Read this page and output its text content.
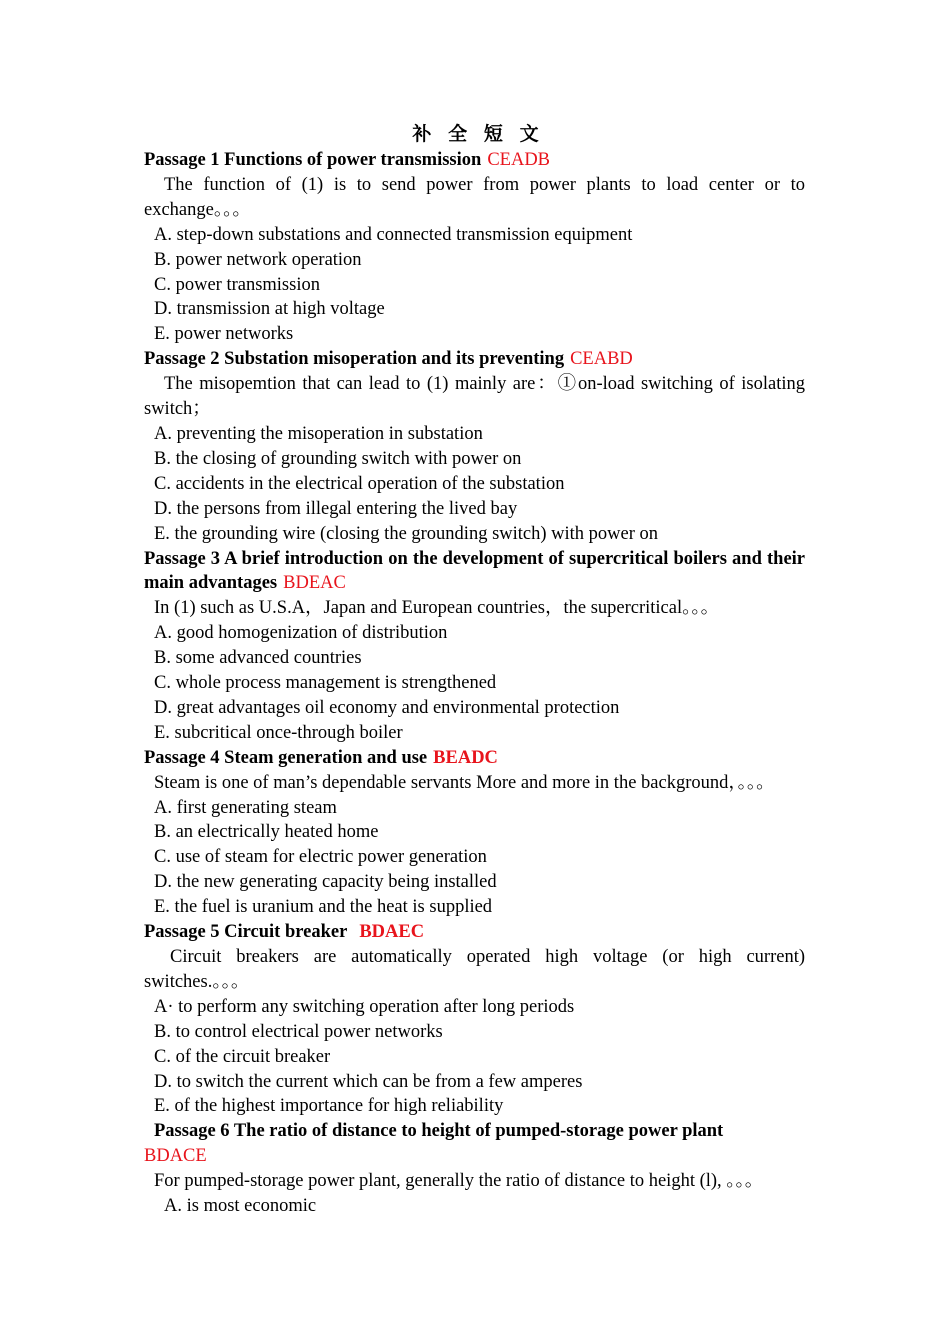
补 全 短 文
Passage 1 Functions of power transmission CEADB
The function of (1) is to send power from power plants to load center or to exchange。。。
A. step-down substations and connected transmission equipment
B. power network operation
C. power transmission
D. transmission at high voltage
E. power networks
Passage 2 Substation misoperation and its preventing CEABD
The misopemtion that can lead to (1) mainly are：①on-load switching of isolating switch；
A. preventing the misoperation in substation
B. the closing of grounding switch with power on
C. accidents in the electrical operation of the substation
D. the persons from illegal entering the lived bay
E. the grounding wire (closing the grounding switch) with power on
Passage 3 A brief introduction on the development of supercritical boilers and their main advantages BDEAC
In (1) such as U.S.A，Japan and European countries，the supercritical。。。
A. good homogenization of distribution
B. some advanced countries
C. whole process management is strengthened
D. great advantages oil economy and environmental protection
E. subcritical once-through boiler
Passage 4 Steam generation and use BEADC
Steam is one of man’s dependable servants More and more in the background，。。。
A. first generating steam
B. an electrically heated home
C. use of steam for electric power generation
D. the new generating capacity being installed
E. the fuel is uranium and the heat is supplied
Passage 5 Circuit breaker BDAEC
Circuit breakers are automatically operated high voltage (or high current) switches.。。。
A· to perform any switching operation after long periods
B. to control electrical power networks
C. of the circuit breaker
D. to switch the current which can be from a few amperes
E. of the highest importance for high reliability
Passage 6 The ratio of distance to height of pumped-storage power plant
BDACE
For pumped-storage power plant, generally the ratio of distance to height (l), 。。。
A. is most economic
